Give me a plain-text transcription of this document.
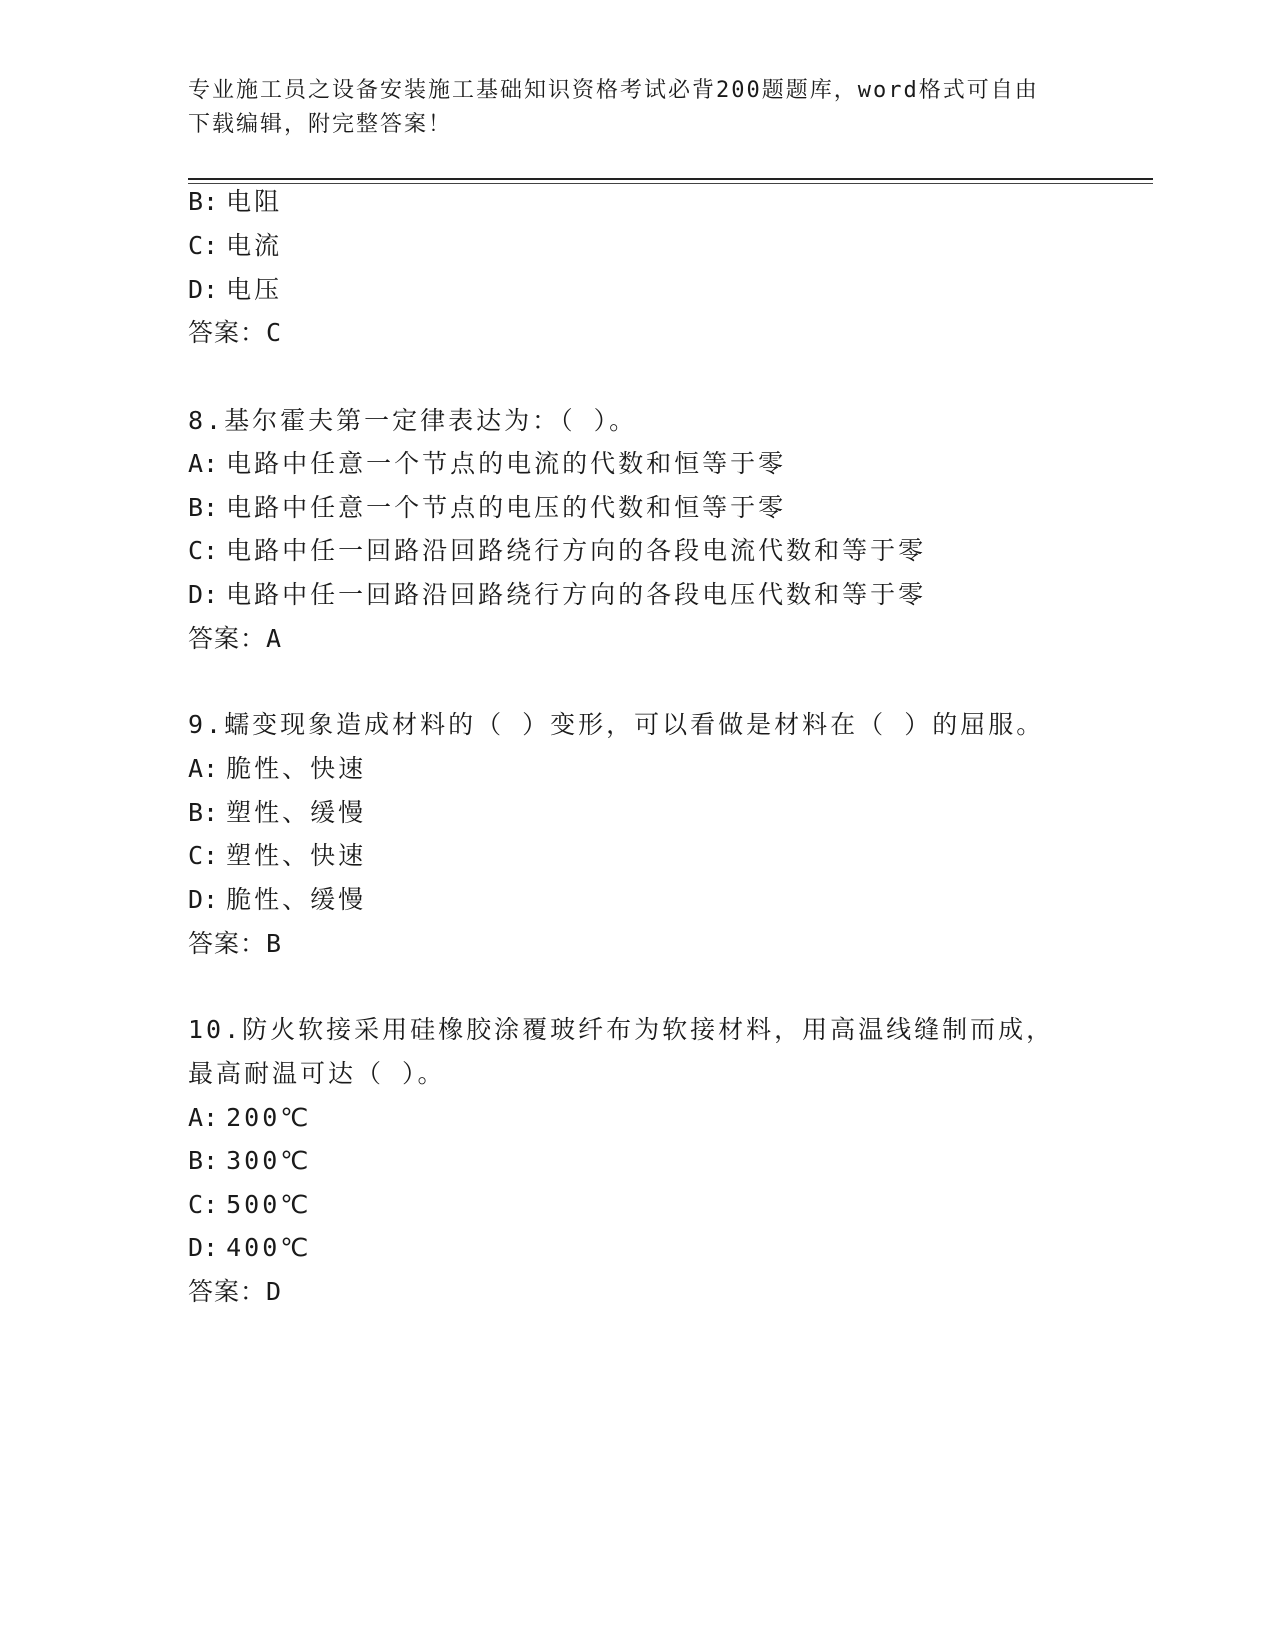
专业施工员之设备安装施工基础知识资格考试必背200题题库，word格式可自由
下载编辑，附完整答案！
B: 电阻
C: 电流
D: 电压
答案：C
8.基尔霍夫第一定律表达为：（ ）。
A: 电路中任意一个节点的电流的代数和恒等于零
B: 电路中任意一个节点的电压的代数和恒等于零
C: 电路中任一回路沿回路绕行方向的各段电流代数和等于零
D: 电路中任一回路沿回路绕行方向的各段电压代数和等于零
答案：A
9.蠕变现象造成材料的（ ）变形，可以看做是材料在（ ）的屈服。
A: 脆性、快速
B: 塑性、缓慢
C: 塑性、快速
D: 脆性、缓慢
答案：B
10.防火软接采用硅橡胶涂覆玻纤布为软接材料，用高温线缝制而成，
最高耐温可达（ ）。
A: 200℃
B: 300℃
C: 500℃
D: 400℃
答案：D
